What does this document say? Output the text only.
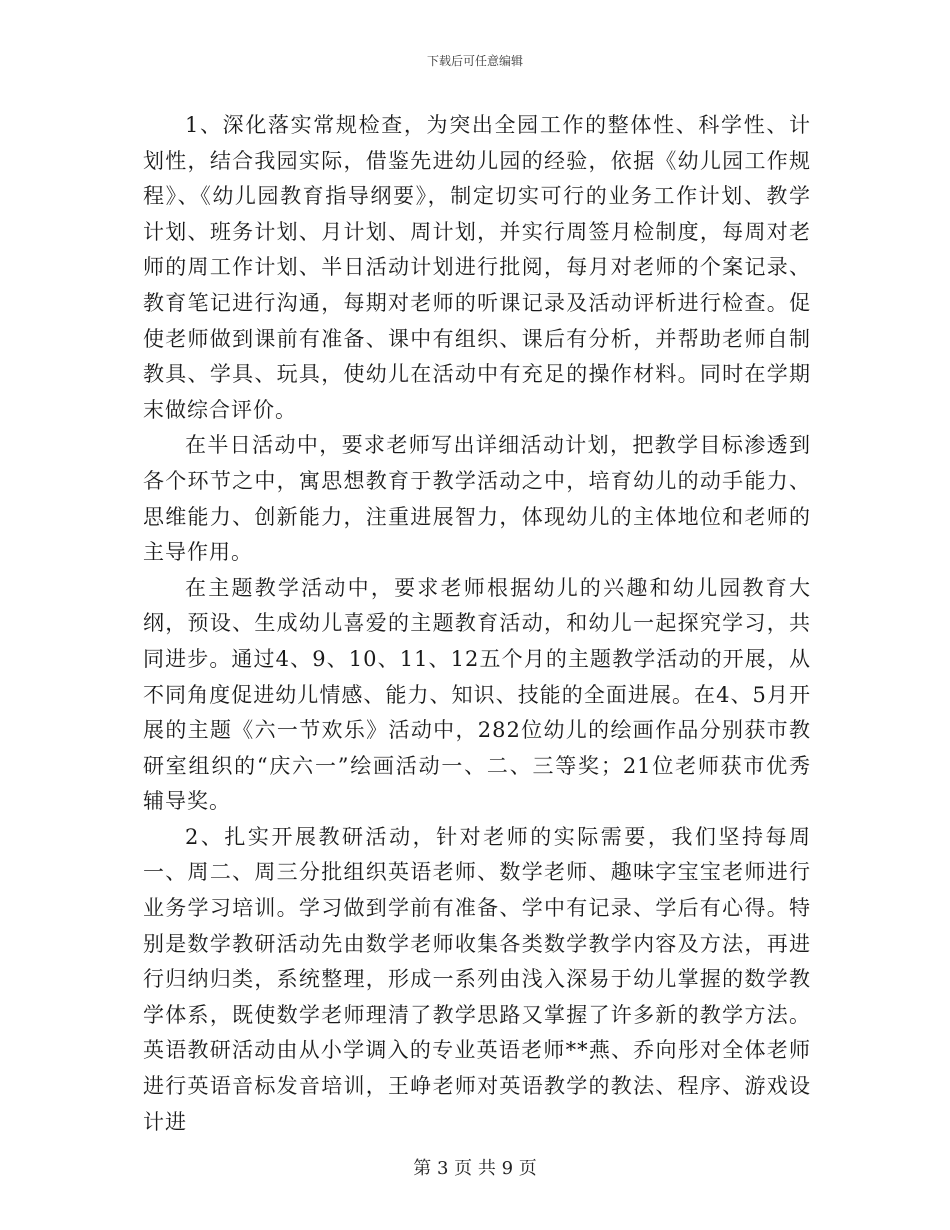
下载后可任意编辑

1、深化落实常规检查，为突出全园工作的整体性、科学性、计划性，结合我园实际，借鉴先进幼儿园的经验，依据《幼儿园工作规程》、《幼儿园教育指导纲要》，制定切实可行的业务工作计划、教学计划、班务计划、月计划、周计划，并实行周签月检制度，每周对老师的周工作计划、半日活动计划进行批阅，每月对老师的个案记录、教育笔记进行沟通，每期对老师的听课记录及活动评析进行检查。促使老师做到课前有准备、课中有组织、课后有分析，并帮助老师自制教具、学具、玩具，使幼儿在活动中有充足的操作材料。同时在学期末做综合评价。

在半日活动中，要求老师写出详细活动计划，把教学目标渗透到各个环节之中，寓思想教育于教学活动之中，培育幼儿的动手能力、思维能力、创新能力，注重进展智力，体现幼儿的主体地位和老师的主导作用。

在主题教学活动中，要求老师根据幼儿的兴趣和幼儿园教育大纲，预设、生成幼儿喜爱的主题教育活动，和幼儿一起探究学习，共同进步。通过4、9、10、11、12五个月的主题教学活动的开展，从不同角度促进幼儿情感、能力、知识、技能的全面进展。在4、5月开展的主题《六一节欢乐》活动中，282位幼儿的绘画作品分别获市教研室组织的“庆六一”绘画活动一、二、三等奖；21位老师获市优秀辅导奖。

2、扎实开展教研活动，针对老师的实际需要，我们坚持每周一、周二、周三分批组织英语老师、数学老师、趣味字宝宝老师进行业务学习培训。学习做到学前有准备、学中有记录、学后有心得。特别是数学教研活动先由数学老师收集各类数学教学内容及方法，再进行归纳归类，系统整理，形成一系列由浅入深易于幼儿掌握的数学教学体系，既使数学老师理清了教学思路又掌握了许多新的教学方法。英语教研活动由从小学调入的专业英语老师**燕、乔向彤对全体老师进行英语音标发音培训，王峥老师对英语教学的教法、程序、游戏设计进

第 3 页 共 9 页
